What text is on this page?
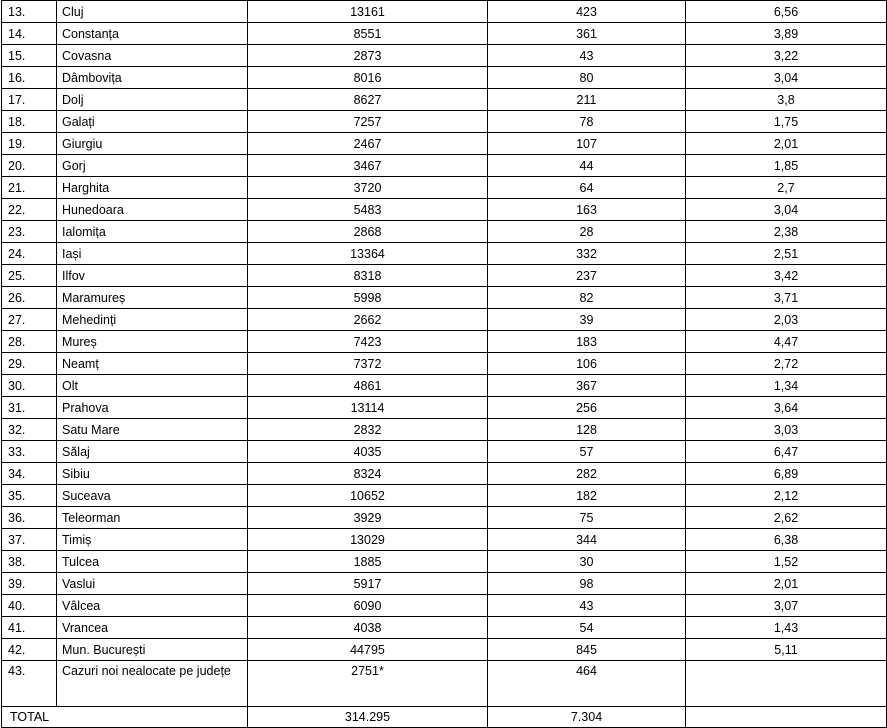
13.	Cluj	13161	423	6,56
14.	Constanța	8551	361	3,89
15.	Covasna	2873	43	3,22
16.	Dâmbovița	8016	80	3,04
17.	Dolj	8627	211	3,8
18.	Galați	7257	78	1,75
19.	Giurgiu	2467	107	2,01
20.	Gorj	3467	44	1,85
21.	Harghita	3720	64	2,7
22.	Hunedoara	5483	163	3,04
23.	Ialomița	2868	28	2,38
24.	Iași	13364	332	2,51
25.	Ilfov	8318	237	3,42
26.	Maramureș	5998	82	3,71
27.	Mehedinți	2662	39	2,03
28.	Mureș	7423	183	4,47
29.	Neamț	7372	106	2,72
30.	Olt	4861	367	1,34
31.	Prahova	13114	256	3,64
32.	Satu Mare	2832	128	3,03
33.	Sălaj	4035	57	6,47
34.	Sibiu	8324	282	6,89
35.	Suceava	10652	182	2,12
36.	Teleorman	3929	75	2,62
37.	Timiș	13029	344	6,38
38.	Tulcea	1885	30	1,52
39.	Vaslui	5917	98	2,01
40.	Vâlcea	6090	43	3,07
41.	Vrancea	4038	54	1,43
42.	Mun. București	44795	845	5,11
43.	Cazuri noi nealocate pe județe	2751*	464	
TOTAL		314.295	7.304	
